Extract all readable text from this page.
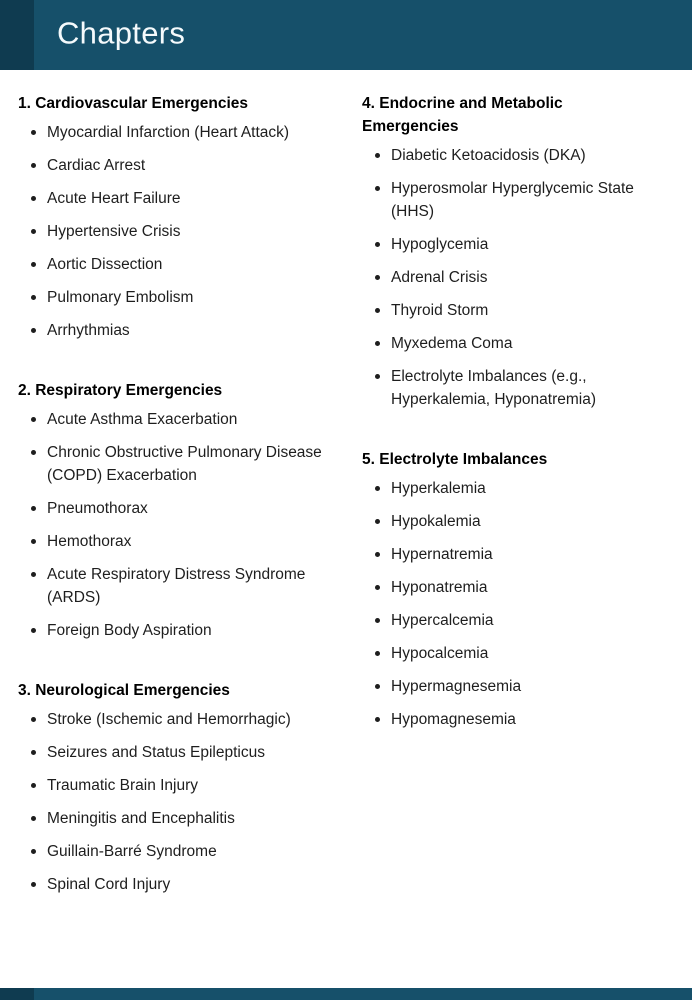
Chapters
1. Cardiovascular Emergencies
Myocardial Infarction (Heart Attack)
Cardiac Arrest
Acute Heart Failure
Hypertensive Crisis
Aortic Dissection
Pulmonary Embolism
Arrhythmias
2. Respiratory Emergencies
Acute Asthma Exacerbation
Chronic Obstructive Pulmonary Disease (COPD) Exacerbation
Pneumothorax
Hemothorax
Acute Respiratory Distress Syndrome (ARDS)
Foreign Body Aspiration
3. Neurological Emergencies
Stroke (Ischemic and Hemorrhagic)
Seizures and Status Epilepticus
Traumatic Brain Injury
Meningitis and Encephalitis
Guillain-Barré Syndrome
Spinal Cord Injury
4. Endocrine and Metabolic Emergencies
Diabetic Ketoacidosis (DKA)
Hyperosmolar Hyperglycemic State (HHS)
Hypoglycemia
Adrenal Crisis
Thyroid Storm
Myxedema Coma
Electrolyte Imbalances (e.g., Hyperkalemia, Hyponatremia)
5. Electrolyte Imbalances
Hyperkalemia
Hypokalemia
Hypernatremia
Hyponatremia
Hypercalcemia
Hypocalcemia
Hypermagnesemia
Hypomagnesemia
